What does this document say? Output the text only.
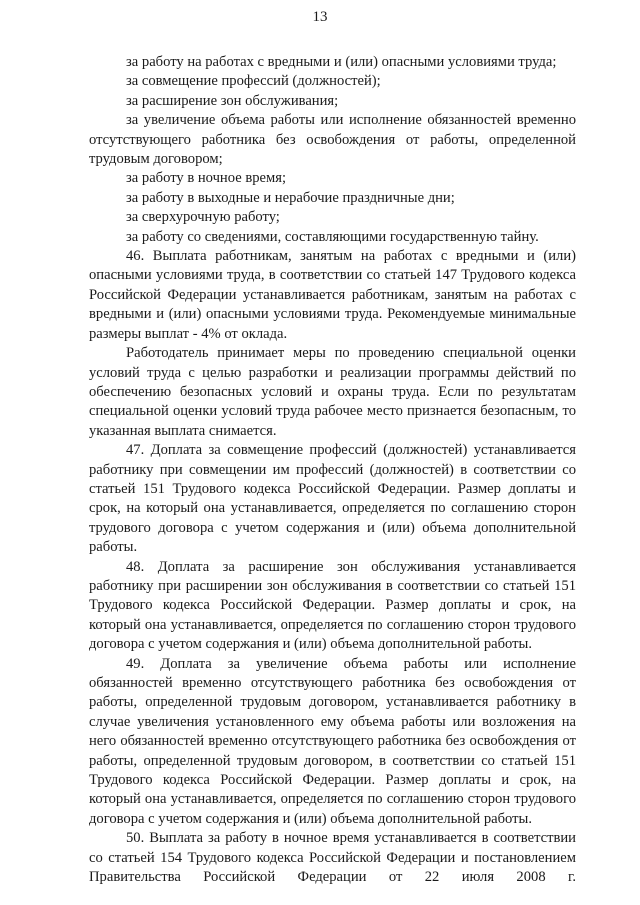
13

за работу на работах с вредными и (или) опасными условиями труда;

за совмещение профессий (должностей);

за расширение зон обслуживания;

за увеличение объема работы или исполнение обязанностей временно отсутствующего работника без освобождения от работы, определенной трудовым договором;

за работу в ночное время;

за работу в выходные и нерабочие праздничные дни;

за сверхурочную работу;

за работу со сведениями, составляющими государственную тайну.

46. Выплата работникам, занятым на работах с вредными и (или) опасными условиями труда, в соответствии со статьей 147 Трудового кодекса Российской Федерации устанавливается работникам, занятым на работах с вредными и (или) опасными условиями труда. Рекомендуемые минимальные размеры выплат - 4% от оклада.

Работодатель принимает меры по проведению специальной оценки условий труда с целью разработки и реализации программы действий по обеспечению безопасных условий и охраны труда. Если по результатам специальной оценки условий труда рабочее место признается безопасным, то указанная выплата снимается.

47. Доплата за совмещение профессий (должностей) устанавливается работнику при совмещении им профессий (должностей) в соответствии со статьей 151 Трудового кодекса Российской Федерации. Размер доплаты и срок, на который она устанавливается, определяется по соглашению сторон трудового договора с учетом содержания и (или) объема дополнительной работы.

48. Доплата за расширение зон обслуживания устанавливается работнику при расширении зон обслуживания в соответствии со статьей 151 Трудового кодекса Российской Федерации. Размер доплаты и срок, на который она устанавливается, определяется по соглашению сторон трудового договора с учетом содержания и (или) объема дополнительной работы.

49. Доплата за увеличение объема работы или исполнение обязанностей временно отсутствующего работника без освобождения от работы, определенной трудовым договором, устанавливается работнику в случае увеличения установленного ему объема работы или возложения на него обязанностей временно отсутствующего работника без освобождения от работы, определенной трудовым договором, в соответствии со статьей 151 Трудового кодекса Российской Федерации. Размер доплаты и срок, на который она устанавливается, определяется по соглашению сторон трудового договора с учетом содержания и (или) объема дополнительной работы.

50. Выплата за работу в ночное время устанавливается в соответствии со статьей 154 Трудового кодекса Российской Федерации и постановлением Правительства Российской Федерации от 22 июля 2008 г.
